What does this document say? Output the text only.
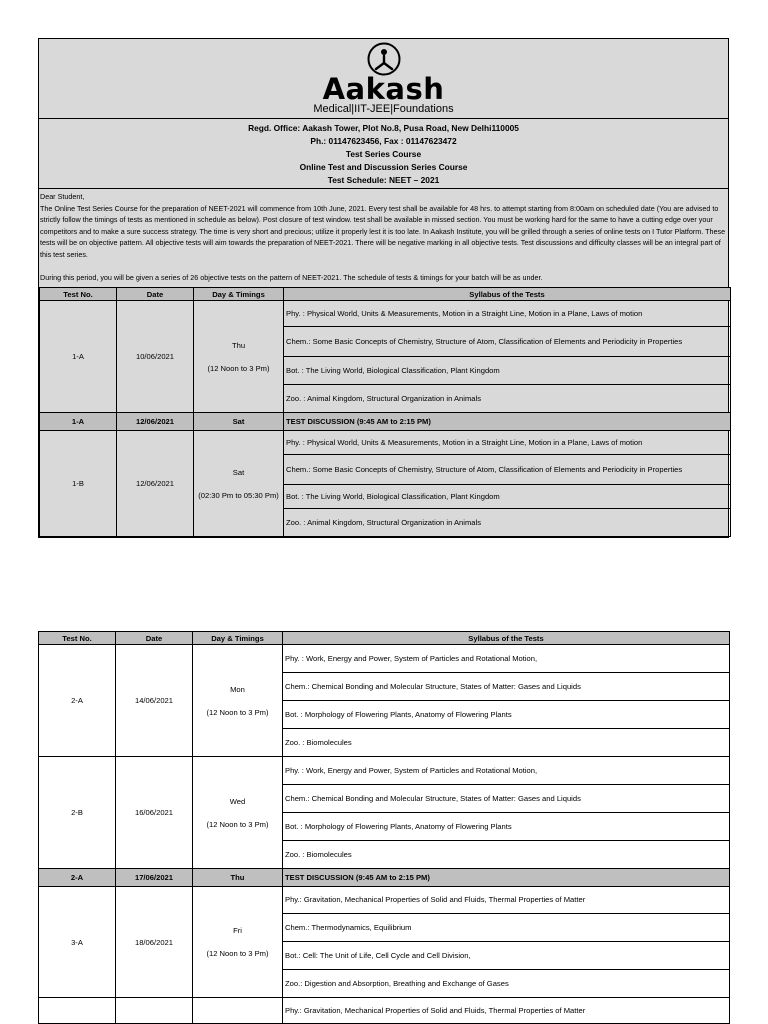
Aakash
Medical|IIT-JEE|Foundations
Regd. Office: Aakash Tower, Plot No.8, Pusa Road, New Delhi110005
Ph.: 01147623456, Fax : 01147623472
Test Series Course
Online Test and Discussion Series Course
Test Schedule: NEET – 2021

Dear Student,

The Online Test Series Course for the preparation of NEET-2021 will commence from 10th June, 2021. Every test shall be available for 48 hrs. to attempt starting from 8:00am on scheduled date (You are advised to strictly follow the timings of tests as mentioned in schedule as below). Post closure of test window. test shall be available in missed section. You must be working hard for the same to have a cutting edge over your competitors and to make a sure success strategy. The time is very short and precious; utilize it properly lest it is too late. In Aakash Institute, you will be grilled through a series of online tests on I Tutor Platform. These tests will be on objective pattern. All objective tests will aim towards the preparation of NEET-2021. There will be negative marking in all objective tests. Test discussions and difficulty classes will be an integral part of this test series.

During this period, you will be given a series of 26 objective tests on the pattern of NEET-2021. The schedule of tests & timings for your batch will be as under.

Test No.	Date	Day & Timings	Syllabus of the Tests
1-A	10/06/2021	Thu
(12 Noon to 3 Pm)	Phy. : Physical World, Units & Measurements, Motion in a Straight Line, Motion in a Plane, Laws of motion
			Chem.: Some Basic Concepts of Chemistry, Structure of Atom, Classification of Elements and Periodicity in Properties
			Bot. : The Living World, Biological Classification, Plant Kingdom
			Zoo. : Animal Kingdom, Structural Organization in Animals
1-A	12/06/2021	Sat	TEST DISCUSSION (9:45 AM to 2:15 PM)
1-B	12/06/2021	Sat
(02:30 Pm to 05:30 Pm)	Phy. : Physical World, Units & Measurements, Motion in a Straight Line, Motion in a Plane, Laws of motion
			Chem.: Some Basic Concepts of Chemistry, Structure of Atom, Classification of Elements and Periodicity in Properties
			Bot. : The Living World, Biological Classification, Plant Kingdom
			Zoo. : Animal Kingdom, Structural Organization in Animals
Test No.	Date	Day & Timings	Syllabus of the Tests
2-A	14/06/2021	Mon
(12 Noon to 3 Pm)	Phy. : Work, Energy and Power, System of Particles and Rotational Motion,
			Chem.: Chemical Bonding and Molecular Structure, States of Matter: Gases and Liquids
			Bot. : Morphology of Flowering Plants, Anatomy of Flowering Plants
			Zoo. : Biomolecules
2-B	16/06/2021	Wed
(12 Noon to 3 Pm)	Phy. : Work, Energy and Power, System of Particles and Rotational Motion,
			Chem.: Chemical Bonding and Molecular Structure, States of Matter: Gases and Liquids
			Bot. : Morphology of Flowering Plants, Anatomy of Flowering Plants
			Zoo. : Biomolecules
2-A	17/06/2021	Thu	TEST DISCUSSION (9:45 AM to 2:15 PM)
3-A	18/06/2021	Fri
(12 Noon to 3 Pm)	Phy.: Gravitation, Mechanical Properties of Solid and Fluids, Thermal Properties of Matter
			Chem.: Thermodynamics, Equilibrium
			Bot.: Cell: The Unit of Life, Cell Cycle and Cell Division,
			Zoo.: Digestion and Absorption, Breathing and Exchange of Gases
			Phy.: Gravitation, Mechanical Properties of Solid and Fluids, Thermal Properties of Matter
